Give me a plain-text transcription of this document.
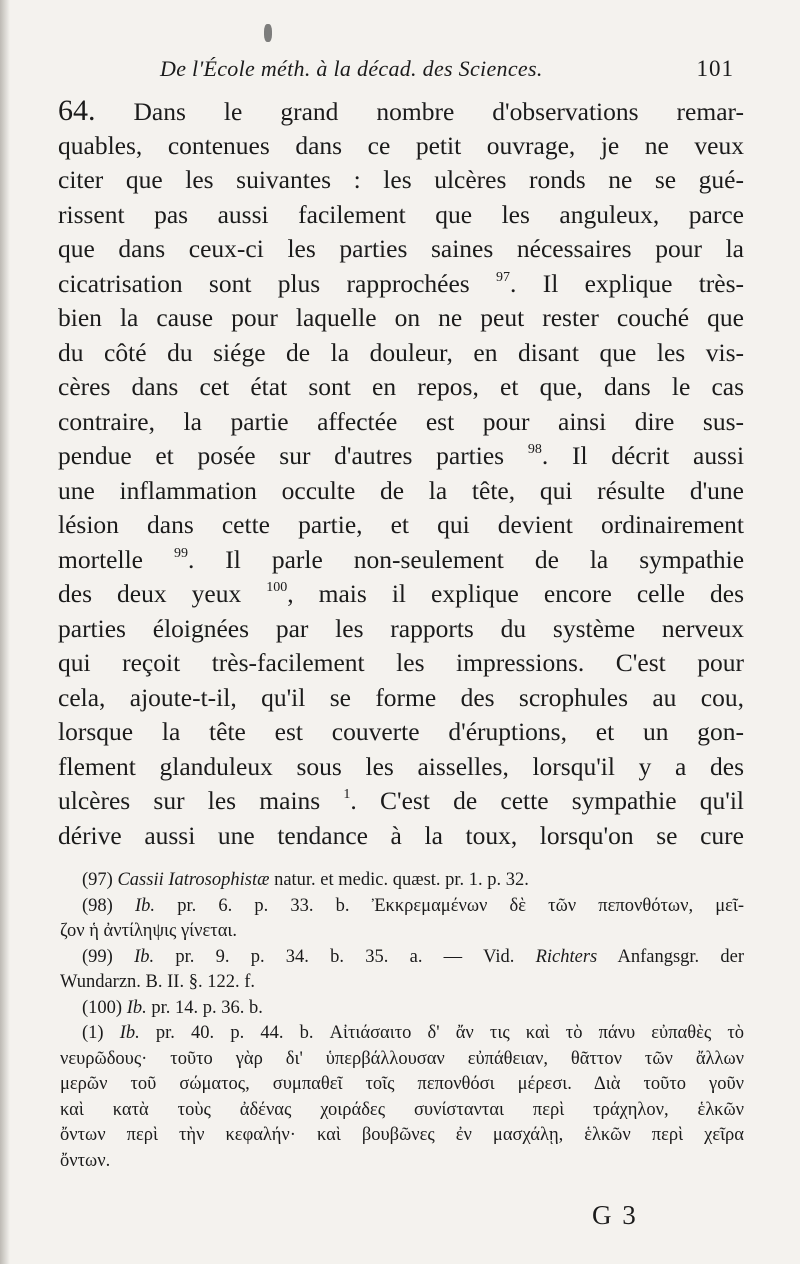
De l'École méth. à la décad. des Sciences.	101
64. Dans le grand nombre d'observations remar-
quables, contenues dans ce petit ouvrage, je ne veux
citer que les suivantes : les ulcères ronds ne se gué-
rissent pas aussi facilement que les anguleux, parce
que dans ceux-ci les parties saines nécessaires pour la
cicatrisation sont plus rapprochées $^{97}$. Il explique très-
bien la cause pour laquelle on ne peut rester couché que
du côté du siége de la douleur, en disant que les vis-
cères dans cet état sont en repos, et que, dans le cas
contraire, la partie affectée est pour ainsi dire sus-
pendue et posée sur d'autres parties $^{98}$. Il décrit aussi
une inflammation occulte de la tête, qui résulte d'une
lésion dans cette partie, et qui devient ordinairement
mortelle $^{99}$. Il parle non-seulement de la sympathie
des deux yeux $^{100}$, mais il explique encore celle des
parties éloignées par les rapports du système nerveux
qui reçoit très-facilement les impressions. C'est pour
cela, ajoute-t-il, qu'il se forme des scrophules au cou,
lorsque la tête est couverte d'éruptions, et un gon-
flement glanduleux sous les aisselles, lorsqu'il y a des
ulcères sur les mains $^1$. C'est de cette sympathie qu'il
dérive aussi une tendance à la toux, lorsqu'on se cure
(97) Cassii Iatrosophistæ natur. et medic. quæst. pr. 1. p. 32.
(98) Ib. pr. 6. p. 33. b. Ἐκκρεμαμένων δὲ τῶν πεπονθότων, μεῖ-
ζον ἡ ἀντίληψις γίνεται.
(99) Ib. pr. 9. p. 34. b. 35. a. — Vid. Richters Anfangsgr. der
Wundarzn. B. II. §. 122. f.
(100) Ib. pr. 14. p. 36. b.
(1) Ib. pr. 40. p. 44. b. Αἰτιάσαιτο δ' ἄν τις καὶ τὸ πάνυ εὐπαθὲς τὸ
νευρῶδους· τοῦτο γὰρ δι' ὑπερβάλλουσαν εὐπάθειαν, θᾶττον τῶν ἄλλων
μερῶν τοῦ σώματος, συμπαθεῖ τοῖς πεπονθόσι μέρεσι. Διὰ τοῦτο γοῦν
καὶ κατὰ τοὺς ἀδένας χοιράδες συνίστανται περὶ τράχηλον, ἑλκῶν
ὄντων περὶ τὴν κεφαλήν· καὶ βουβῶνες ἐν μασχάλῃ, ἑλκῶν περὶ χεῖρα
ὄντων.
G 3
